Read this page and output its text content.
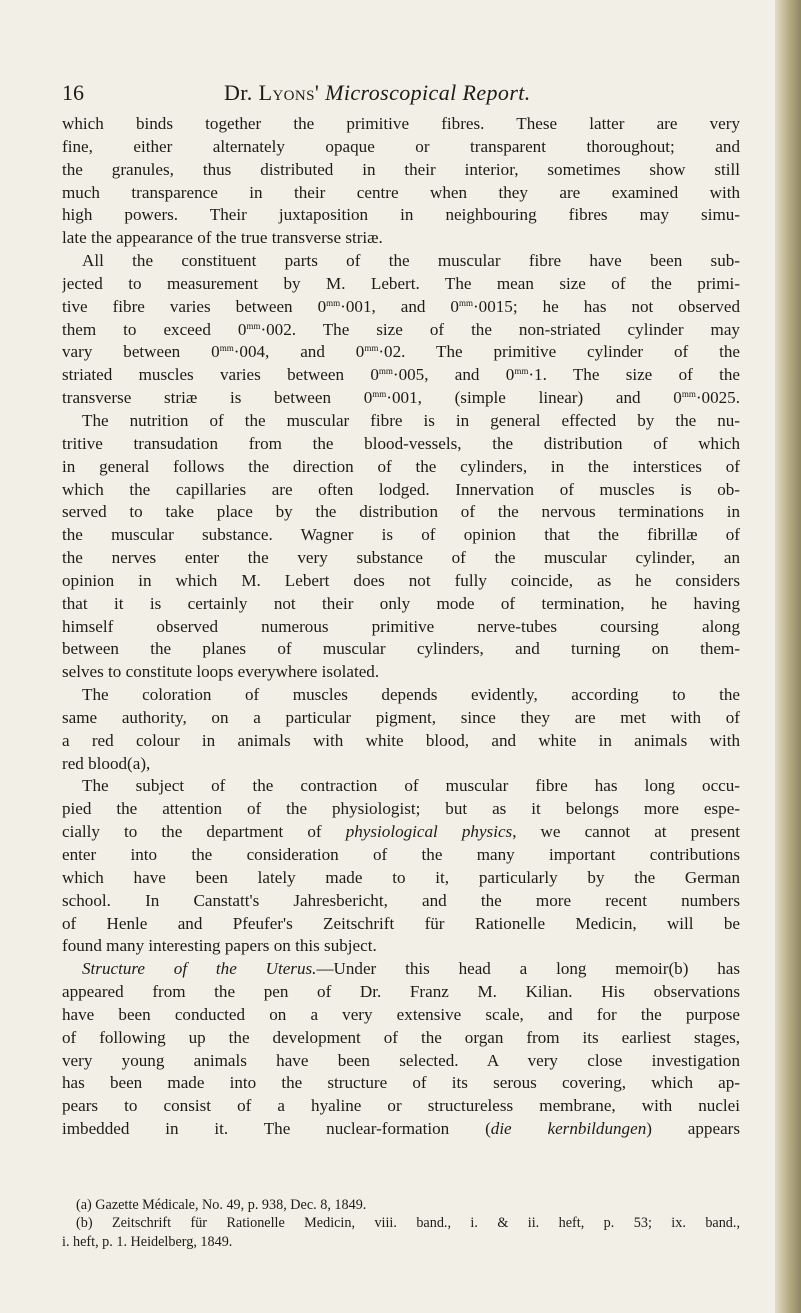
16	Dr. Lyons' Microscopical Report.
which binds together the primitive fibres. These latter are very
fine, either alternately opaque or transparent thoroughout; and
the granules, thus distributed in their interior, sometimes show still
much transparence in their centre when they are examined with
high powers. Their juxtaposition in neighbouring fibres may simu-
late the appearance of the true transverse striæ.
All the constituent parts of the muscular fibre have been sub-
jected to measurement by M. Lebert. The mean size of the primi-
tive fibre varies between $0^{mm}\cdot 001$, and $0^{mm}\cdot 0015$; he has not observed
them to exceed $0^{mm}\cdot 002$. The size of the non-striated cylinder may
vary between $0^{mm}\cdot 004$, and $0^{mm}\cdot 02$. The primitive cylinder of the
striated muscles varies between $0^{mm}\cdot 005$, and $0^{mm}\cdot 1$. The size of the
transverse striæ is between $0^{mm}\cdot 001$, (simple linear) and $0^{mm}\cdot 0025$.
The nutrition of the muscular fibre is in general effected by the nu-
tritive transudation from the blood-vessels, the distribution of which
in general follows the direction of the cylinders, in the interstices of
which the capillaries are often lodged. Innervation of muscles is ob-
served to take place by the distribution of the nervous terminations in
the muscular substance. Wagner is of opinion that the fibrillæ of
the nerves enter the very substance of the muscular cylinder, an
opinion in which M. Lebert does not fully coincide, as he considers
that it is certainly not their only mode of termination, he having
himself observed numerous primitive nerve-tubes coursing along
between the planes of muscular cylinders, and turning on them-
selves to constitute loops everywhere isolated.
The coloration of muscles depends evidently, according to the
same authority, on a particular pigment, since they are met with of
a red colour in animals with white blood, and white in animals with
red blood(a),
The subject of the contraction of muscular fibre has long occu-
pied the attention of the physiologist; but as it belongs more espe-
cially to the department of physiological physics, we cannot at present
enter into the consideration of the many important contributions
which have been lately made to it, particularly by the German
school. In Canstatt's Jahresbericht, and the more recent numbers
of Henle and Pfeufer's Zeitschrift für Rationelle Medicin, will be
found many interesting papers on this subject.
Structure of the Uterus.—Under this head a long memoir(b) has
appeared from the pen of Dr. Franz M. Kilian. His observations
have been conducted on a very extensive scale, and for the purpose
of following up the development of the organ from its earliest stages,
very young animals have been selected. A very close investigation
has been made into the structure of its serous covering, which ap-
pears to consist of a hyaline or structureless membrane, with nuclei
imbedded in it. The nuclear-formation (die kernbildungen) appears
(a) Gazette Médicale, No. 49, p. 938, Dec. 8, 1849.
(b) Zeitschrift für Rationelle Medicin, viii. band., i. & ii. heft, p. 53; ix. band.,
i. heft, p. 1. Heidelberg, 1849.
